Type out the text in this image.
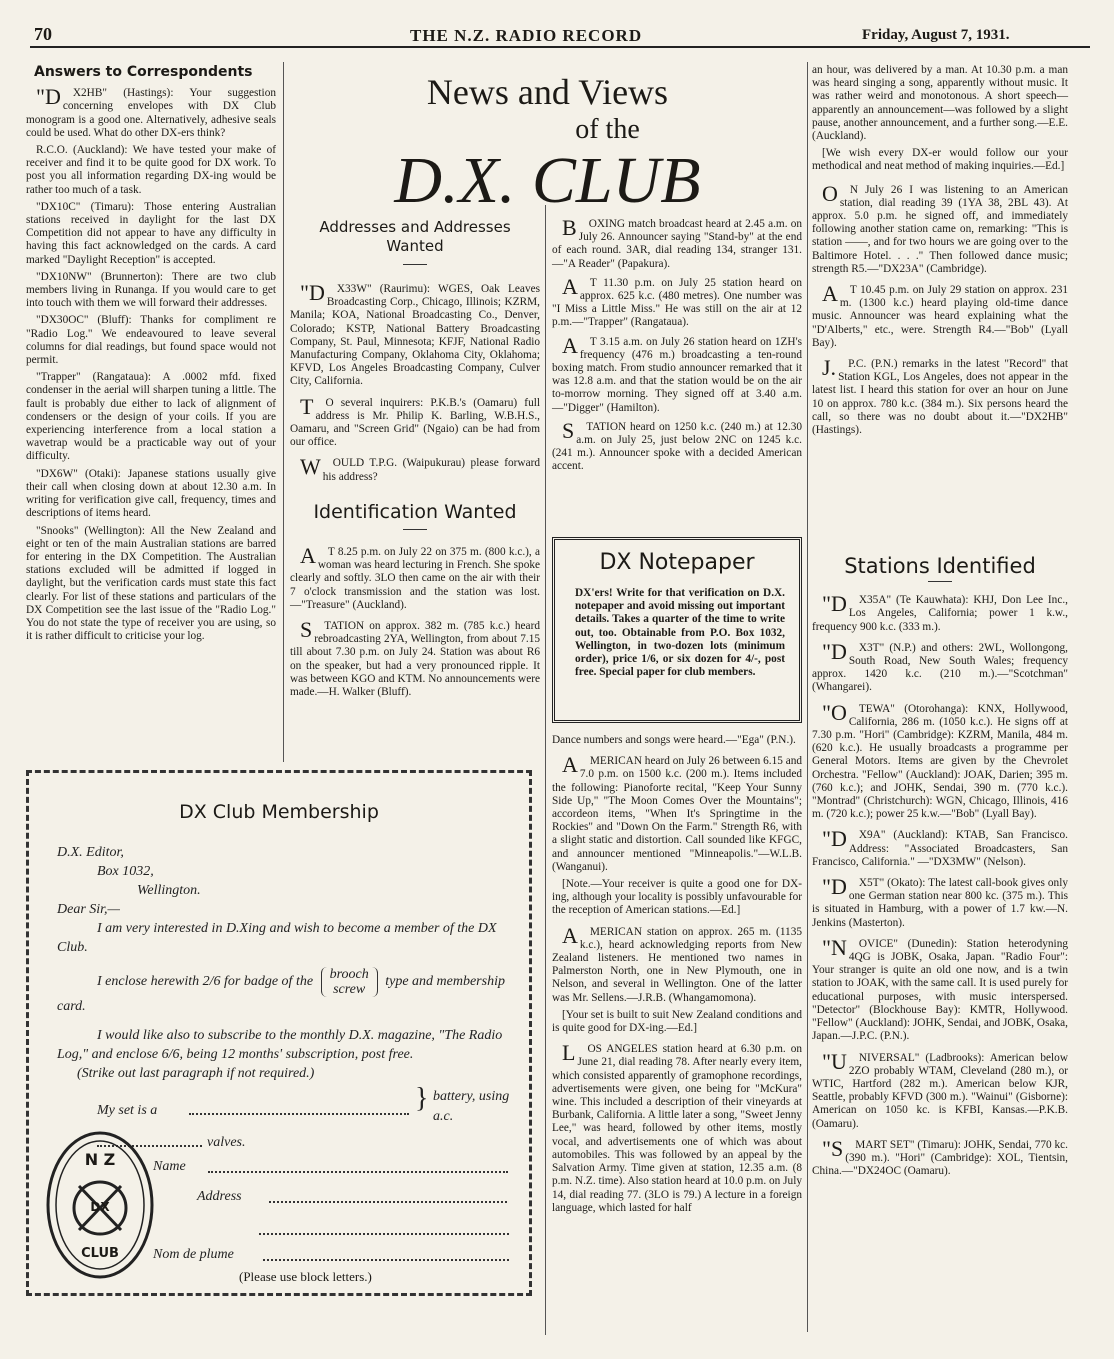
70	THE N.Z. RADIO RECORD	Friday, August 7, 1931.
News and Views
of the
D.X. CLUB
Answers to Correspondents

"DX2HB" (Hastings): Your suggestion concerning envelopes with DX Club monogram is a good one. Alternatively, adhesive seals could be used. What do other DX-ers think?

R.C.O. (Auckland): We have tested your make of receiver and find it to be quite good for DX work. To post you all information regarding DX-ing would be rather too much of a task.

"DX10C" (Timaru): Those entering Australian stations received in daylight for the last DX Competition did not appear to have any difficulty in having this fact acknowledged on the cards. A card marked "Daylight Reception" is accepted.

"DX10NW" (Brunnerton): There are two club members living in Runanga. If you would care to get into touch with them we will forward their addresses.

"DX30OC" (Bluff): Thanks for compliment re "Radio Log." We endeavoured to leave several columns for dial readings, but found space would not permit.

"Trapper" (Rangataua): A .0002 mfd. fixed condenser in the aerial will sharpen tuning a little. The fault is probably due either to lack of alignment of condensers or the design of your coils. If you are experiencing interference from a local station a wavetrap would be a practicable way out of your difficulty.

"DX6W" (Otaki): Japanese stations usually give their call when closing down at about 12.30 a.m. In writing for verification give call, frequency, times and descriptions of items heard.

"Snooks" (Wellington): All the New Zealand and eight or ten of the main Australian stations are barred for entering in the DX Competition. The Australian stations excluded will be admitted if logged in daylight, but the verification cards must state this fact clearly. For list of these stations and particulars of the DX Competition see the last issue of the "Radio Log." You do not state the type of receiver you are using, so it is rather difficult to criticise your log.

Addresses and Addresses
Wanted

"DX33W" (Raurimu): WGES, Oak Leaves Broadcasting Corp., Chicago, Illinois; KZRM, Manila; KOA, National Broadcasting Co., Denver, Colorado; KSTP, National Battery Broadcasting Company, St. Paul, Minnesota; KFJF, National Radio Manufacturing Company, Oklahoma City, Oklahoma; KFVD, Los Angeles Broadcasting Company, Culver City, California.

TO several inquirers: P.K.B.'s (Oamaru) full address is Mr. Philip K. Barling, W.B.H.S., Oamaru, and "Screen Grid" (Ngaio) can be had from our office.

WOULD T.P.G. (Waipukurau) please forward his address?

Identification Wanted

AT 8.25 p.m. on July 22 on 375 m. (800 k.c.), a woman was heard lecturing in French. She spoke clearly and softly. 3LO then came on the air with their 7 o'clock transmission and the station was lost.—"Treasure" (Auckland).

STATION on approx. 382 m. (785 k.c.) heard rebroadcasting 2YA, Wellington, from about 7.15 till about 7.30 p.m. on July 24. Station was about R6 on the speaker, but had a very pronounced ripple. It was between KGO and KTM. No announcements were made.—H. Walker (Bluff).

BOXING match broadcast heard at 2.45 a.m. on July 26. Announcer saying "Stand-by" at the end of each round. 3AR, dial reading 134, stranger 131.—"A Reader" (Papakura).

AT 11.30 p.m. on July 25 station heard on approx. 625 k.c. (480 metres). One number was "I Miss a Little Miss." He was still on the air at 12 p.m.—"Trapper" (Rangataua).

AT 3.15 a.m. on July 26 station heard on 1ZH's frequency (476 m.) broadcasting a ten-round boxing match. From studio announcer remarked that it was 12.8 a.m. and that the station would be on the air to-morrow morning. They signed off at 3.40 a.m.—"Digger" (Hamilton).

STATION heard on 1250 k.c. (240 m.) at 12.30 a.m. on July 25, just below 2NC on 1245 k.c. (241 m.). Announcer spoke with a decided American accent.

DX Notepaper
DX'ers! Write for that verification on D.X. notepaper and avoid missing out important details. Takes a quarter of the time to write out, too. Obtainable from P.O. Box 1032, Wellington, in two-dozen lots (minimum order), price 1/6, or six dozen for 4/-, post free. Special paper for club members.

Dance numbers and songs were heard.—"Ega" (P.N.).

AMERICAN heard on July 26 between 6.15 and 7.0 p.m. on 1500 k.c. (200 m.). Items included the following: Pianoforte recital, "Keep Your Sunny Side Up," "The Moon Comes Over the Mountains"; accordeon items, "When It's Springtime in the Rockies" and "Down On the Farm." Strength R6, with a slight static and distortion. Call sounded like KFGC, and announcer mentioned "Minneapolis."—W.L.B. (Wanganui).

[Note.—Your receiver is quite a good one for DX-ing, although your locality is possibly unfavourable for the reception of American stations.—Ed.]

AMERICAN station on approx. 265 m. (1135 k.c.), heard acknowledging reports from New Zealand listeners. He mentioned two names in Palmerston North, one in New Plymouth, one in Nelson, and several in Wellington. One of the latter was Mr. Sellens.—J.R.B. (Whangamomona).

[Your set is built to suit New Zealand conditions and is quite good for DX-ing.—Ed.]

LOS ANGELES station heard at 6.30 p.m. on June 21, dial reading 78. After nearly every item, which consisted apparently of gramophone recordings, advertisements were given, one being for "McKura" wine. This included a description of their vineyards at Burbank, California. A little later a song, "Sweet Jenny Lee," was heard, followed by other items, mostly vocal, and advertisements one of which was about automobiles. This was followed by an appeal by the Salvation Army. Time given at station, 12.35 a.m. (8 p.m. N.Z. time). Also station heard at 10.0 p.m. on July 14, dial reading 77. (3LO is 79.) A lecture in a foreign language, which lasted for half

an hour, was delivered by a man. At 10.30 p.m. a man was heard singing a song, apparently without music. It was rather weird and monotonous. A short speech—apparently an announcement—was followed by a slight pause, another announcement, and a further song.—E.E. (Auckland).

[We wish every DX-er would follow our your methodical and neat method of making inquiries.—Ed.]

ON July 26 I was listening to an American station, dial reading 39 (1YA 38, 2BL 43). At approx. 5.0 p.m. he signed off, and immediately following another station came on, remarking: "This is station ——, and for two hours we are going over to the Baltimore Hotel. . . ." Then followed dance music; strength R5.—"DX23A" (Cambridge).

AT 10.45 p.m. on July 29 station on approx. 231 m. (1300 k.c.) heard playing old-time dance music. Announcer was heard explaining what the "D'Alberts," etc., were. Strength R4.—"Bob" (Lyall Bay).

J.P.C. (P.N.) remarks in the latest "Record" that Station KGL, Los Angeles, does not appear in the latest list. I heard this station for over an hour on June 10 on approx. 780 k.c. (384 m.). Six persons heard the call, so there was no doubt about it.—"DX2HB" (Hastings).

Stations Identified

"DX35A" (Te Kauwhata): KHJ, Don Lee Inc., Los Angeles, California; power 1 k.w., frequency 900 k.c. (333 m.).

"DX3T" (N.P.) and others: 2WL, Wollongong, South Road, New South Wales; frequency approx. 1420 k.c. (210 m.).—"Scotchman" (Whangarei).

"OTEWA" (Otorohanga): KNX, Hollywood, California, 286 m. (1050 k.c.). He signs off at 7.30 p.m. "Hori" (Cambridge): KZRM, Manila, 484 m. (620 k.c.). He usually broadcasts a programme per General Motors. Items are given by the Chevrolet Orchestra. "Fellow" (Auckland): JOAK, Darien; 395 m. (760 k.c.); and JOHK, Sendai, 390 m. (770 k.c.). "Montrad" (Christchurch): WGN, Chicago, Illinois, 416 m. (720 k.c.); power 25 k.w.—"Bob" (Lyall Bay).

"DX9A" (Auckland): KTAB, San Francisco. Address: "Associated Broadcasters, San Francisco, California." —"DX3MW" (Nelson).

"DX5T" (Okato): The latest call-book gives only one German station near 800 kc. (375 m.). This is situated in Hamburg, with a power of 1.7 kw.—N. Jenkins (Masterton).

"NOVICE" (Dunedin): Station heterodyning 4QG is JOBK, Osaka, Japan. "Radio Four": Your stranger is quite an old one now, and is a twin station to JOAK, with the same call. It is used purely for educational purposes, with music interspersed. "Detector" (Blockhouse Bay): KMTR, Hollywood. "Fellow" (Auckland): JOHK, Sendai, and JOBK, Osaka, Japan.—J.P.C. (P.N.).

"UNIVERSAL" (Ladbrooks): American below 2ZO probably WTAM, Cleveland (280 m.), or WTIC, Hartford (282 m.). American below KJR, Seattle, probably KFVD (300 m.). "Wainui" (Gisborne): American on 1050 kc. is KFBI, Kansas.—P.K.B. (Oamaru).

"SMART SET" (Timaru): JOHK, Sendai, 770 kc. (390 m.). "Hori" (Cambridge): XOL, Tientsin, China.—"DX24OC (Oamaru).

DX Club Membership
D.X. Editor,
Box 1032,
Wellington.
Dear Sir,—
I am very interested in D.Xing and wish to become a member of the DX Club.
I enclose herewith 2/6 for badge of the brooch
screw
type and membership card.
I would like also to subscribe to the monthly D.X. magazine, "The Radio Log," and enclose 6/6, being 12 months' subscription, post free.
(Strike out last paragraph if not required.)
My set is a	} battery, using
a.c.
valves.
N Z
DX
CLUB
Name
Address
Nom de plume
(Please use block letters.)
